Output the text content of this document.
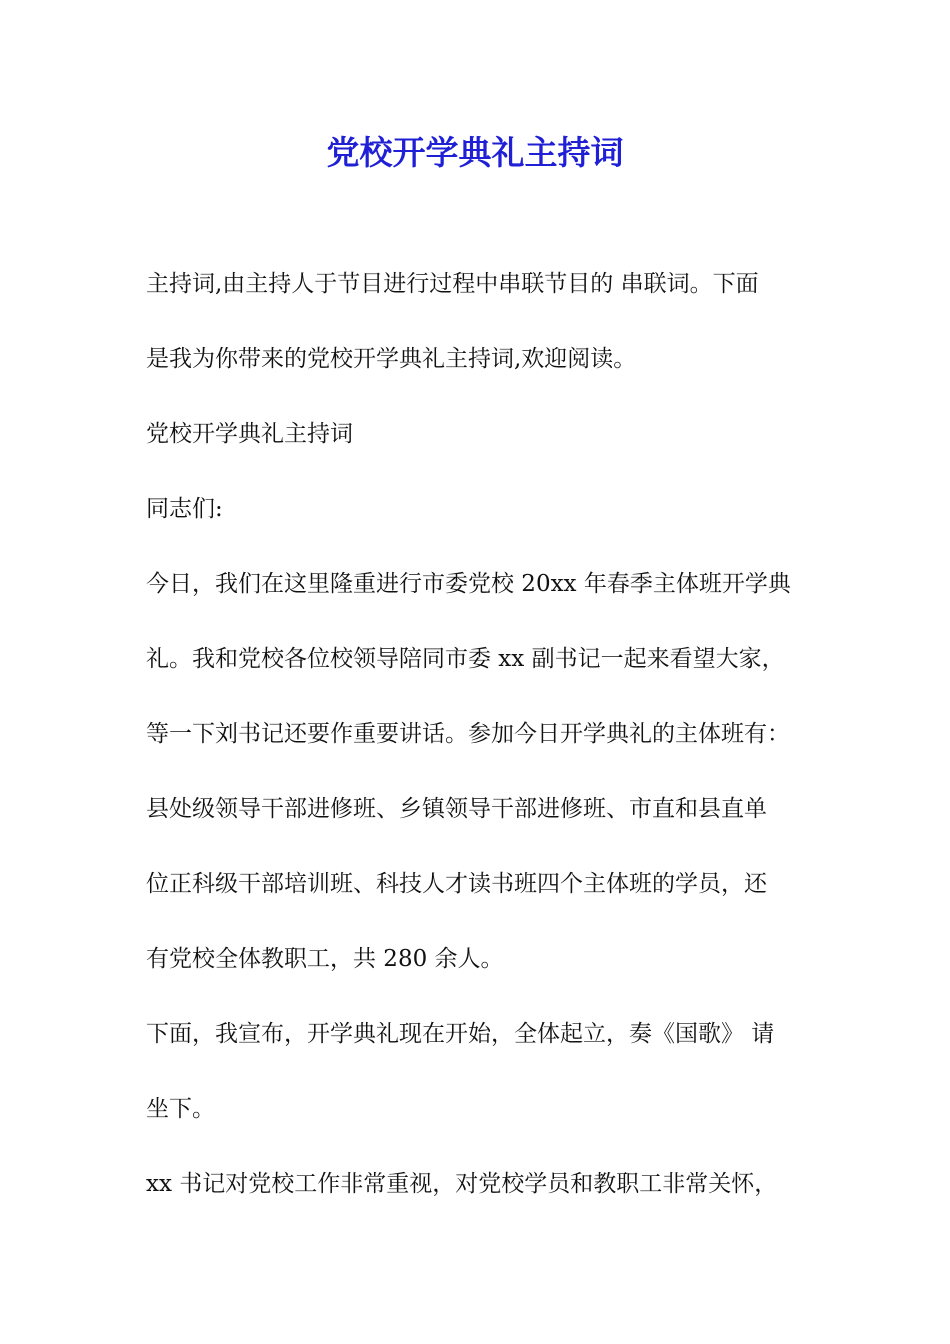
党校开学典礼主持词

主持词,由主持人于节目进行过程中串联节目的 串联词。下面

是我为你带来的党校开学典礼主持词,欢迎阅读。

党校开学典礼主持词

同志们:

今日，我们在这里隆重进行市委党校 20xx 年春季主体班开学典

礼。我和党校各位校领导陪同市委 xx 副书记一起来看望大家，

等一下刘书记还要作重要讲话。参加今日开学典礼的主体班有：

县处级领导干部进修班、乡镇领导干部进修班、市直和县直单

位正科级干部培训班、科技人才读书班四个主体班的学员，还

有党校全体教职工，共 280 余人。

下面，我宣布，开学典礼现在开始，全体起立，奏《国歌》 请

坐下。

xx 书记对党校工作非常重视，对党校学员和教职工非常关怀，
